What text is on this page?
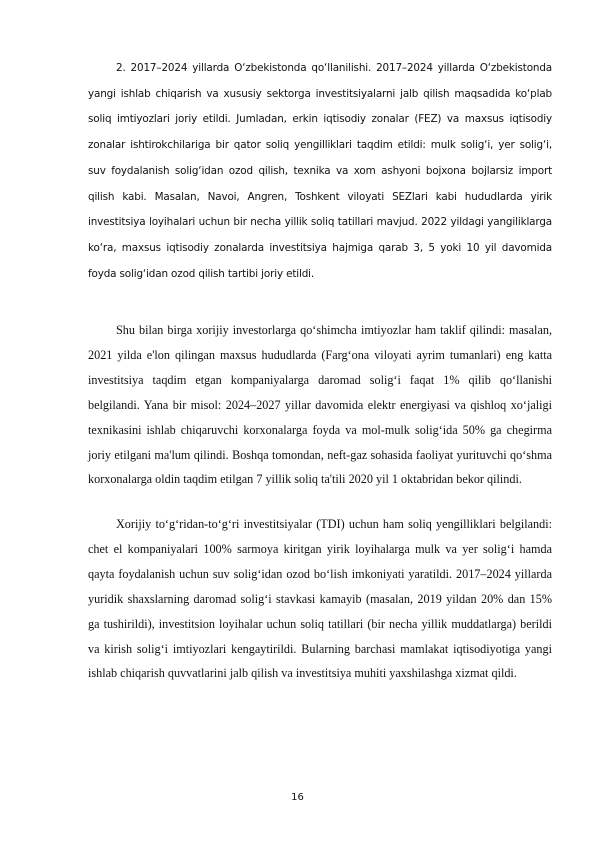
2. 2017–2024 yillarda O‘zbekistonda qo‘llanilishi. 2017–2024 yillarda O‘zbekistonda yangi ishlab chiqarish va xususiy sektorga investitsiyalarni jalb qilish maqsadida ko‘plab soliq imtiyozlari joriy etildi. Jumladan, erkin iqtisodiy zonalar (FEZ) va maxsus iqtisodiy zonalar ishtirokchilariga bir qator soliq yengilliklari taqdim etildi: mulk solig‘i, yer solig‘i, suv foydalanish solig‘idan ozod qilish, texnika va xom ashyoni bojxona bojlarsiz import qilish kabi. Masalan, Navoi, Angren, Toshkent viloyati SEZlari kabi hududlarda yirik investitsiya loyihalari uchun bir necha yillik soliq tatillari mavjud. 2022 yildagi yangiliklarga ko‘ra, maxsus iqtisodiy zonalarda investitsiya hajmiga qarab 3, 5 yoki 10 yil davomida foyda solig‘idan ozod qilish tartibi joriy etildi.

Shu bilan birga xorijiy investorlarga qo‘shimcha imtiyozlar ham taklif qilindi: masalan, 2021 yilda e'lon qilingan maxsus hududlarda (Farg‘ona viloyati ayrim tumanlari) eng katta investitsiya taqdim etgan kompaniyalarga daromad solig‘i faqat 1% qilib qo‘llanishi belgilandi. Yana bir misol: 2024–2027 yillar davomida elektr energiyasi va qishloq xo‘jaligi texnikasini ishlab chiqaruvchi korxonalarga foyda va mol-mulk solig‘ida 50% ga chegirma joriy etilgani ma'lum qilindi. Boshqa tomondan, neft-gaz sohasida faoliyat yurituvchi qo‘shma korxonalarga oldin taqdim etilgan 7 yillik soliq ta'tili 2020 yil 1 oktabridan bekor qilindi.

Xorijiy to‘g‘ridan-to‘g‘ri investitsiyalar (TDI) uchun ham soliq yengilliklari belgilandi: chet el kompaniyalari 100% sarmoya kiritgan yirik loyihalarga mulk va yer solig‘i hamda qayta foydalanish uchun suv solig‘idan ozod bo‘lish imkoniyati yaratildi. 2017–2024 yillarda yuridik shaxslarning daromad solig‘i stavkasi kamayib (masalan, 2019 yildan 20% dan 15% ga tushirildi), investitsion loyihalar uchun soliq tatillari (bir necha yillik muddatlarga) berildi va kirish solig‘i imtiyozlari kengaytirildi. Bularning barchasi mamlakat iqtisodiyotiga yangi ishlab chiqarish quvvatlarini jalb qilish va investitsiya muhiti yaxshilashga xizmat qildi.

16
